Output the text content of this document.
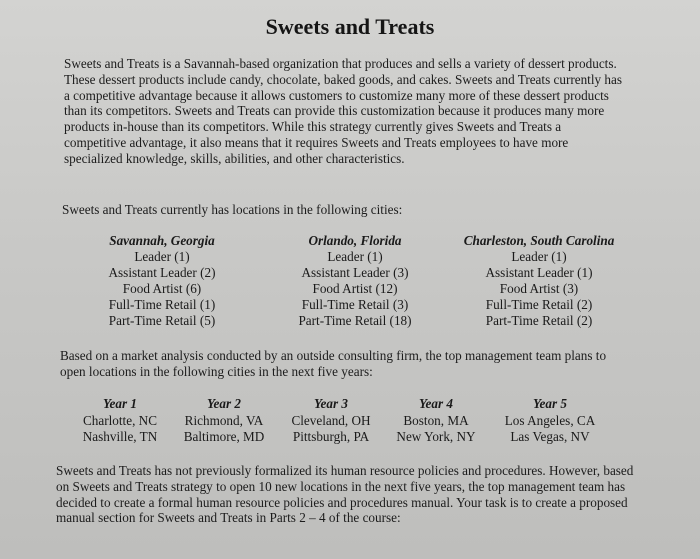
Sweets and Treats

Sweets and Treats is a Savannah-based organization that produces and sells a variety of dessert products. These dessert products include candy, chocolate, baked goods, and cakes. Sweets and Treats currently has a competitive advantage because it allows customers to customize many more of these dessert products than its competitors. Sweets and Treats can provide this customization because it produces many more products in-house than its competitors. While this strategy currently gives Sweets and Treats a competitive advantage, it also means that it requires Sweets and Treats employees to have more specialized knowledge, skills, abilities, and other characteristics.

Sweets and Treats currently has locations in the following cities:

Savannah, Georgia
Leader (1)
Assistant Leader (2)
Food Artist (6)
Full-Time Retail (1)
Part-Time Retail (5)
Orlando, Florida
Leader (1)
Assistant Leader (3)
Food Artist (12)
Full-Time Retail (3)
Part-Time Retail (18)
Charleston, South Carolina
Leader (1)
Assistant Leader (1)
Food Artist (3)
Full-Time Retail (2)
Part-Time Retail (2)

Based on a market analysis conducted by an outside consulting firm, the top management team plans to open locations in the following cities in the next five years:

Year 1
Charlotte, NC
Nashville, TN
Year 2
Richmond, VA
Baltimore, MD
Year 3
Cleveland, OH
Pittsburgh, PA
Year 4
Boston, MA
New York, NY
Year 5
Los Angeles, CA
Las Vegas, NV

Sweets and Treats has not previously formalized its human resource policies and procedures. However, based on Sweets and Treats strategy to open 10 new locations in the next five years, the top management team has decided to create a formal human resource policies and procedures manual. Your task is to create a proposed manual section for Sweets and Treats in Parts 2 – 4 of the course:
